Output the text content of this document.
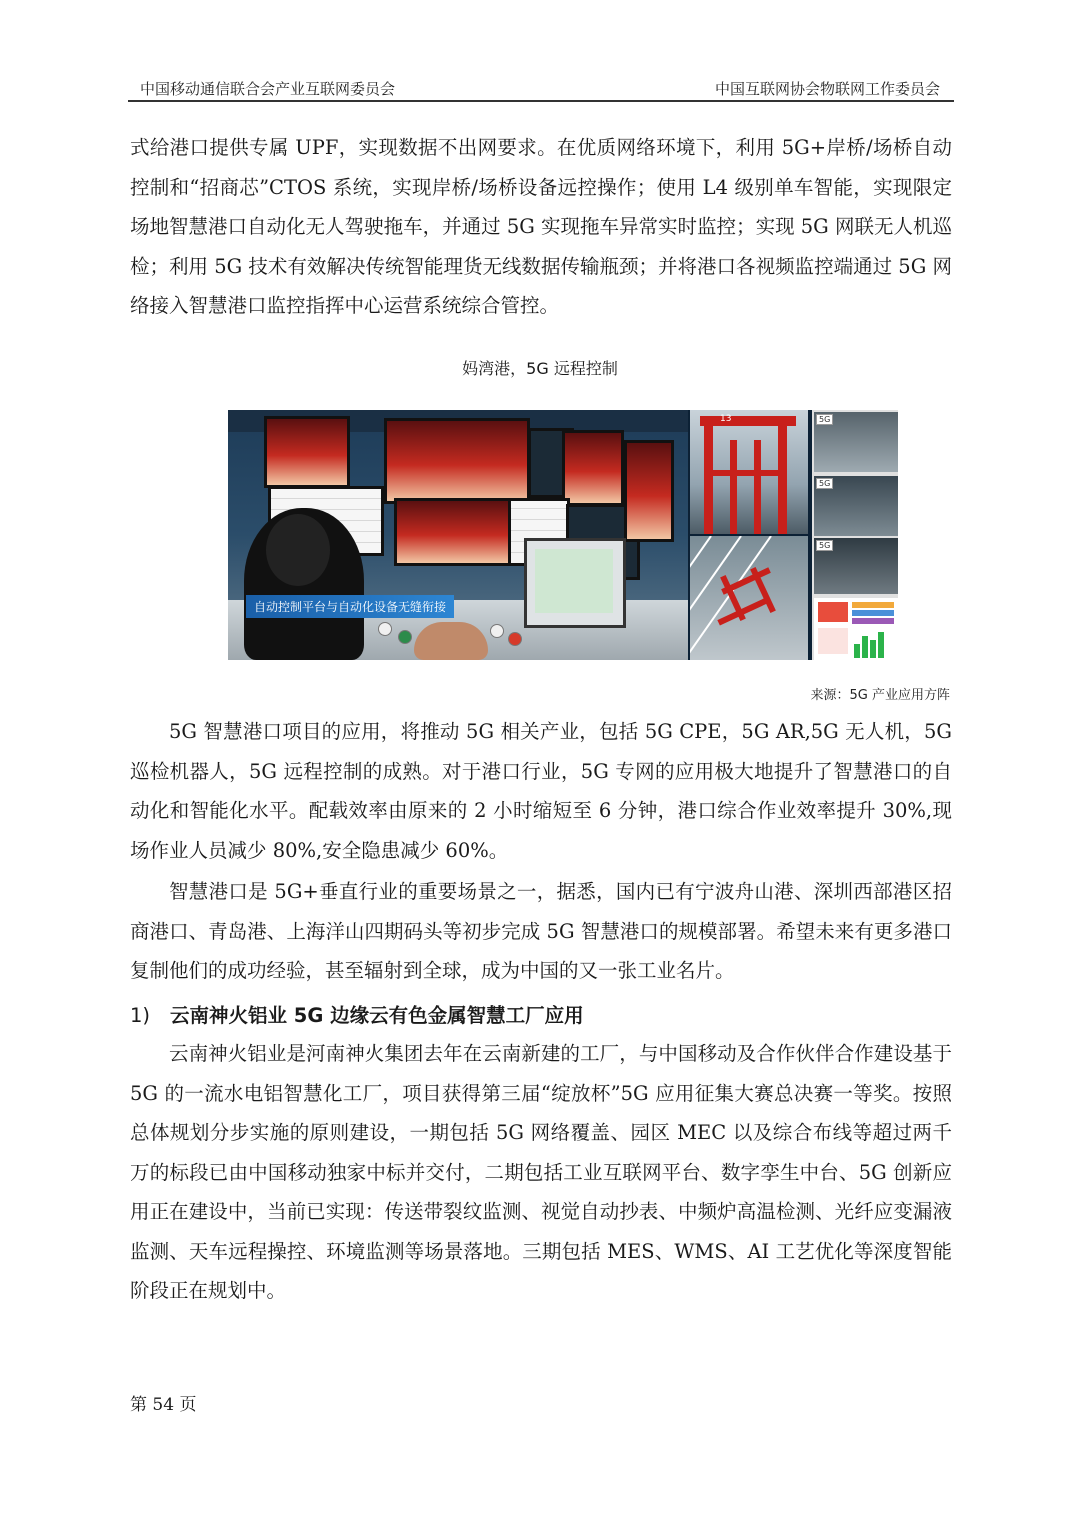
中国移动通信联合会产业互联网委员会	中国互联网协会物联网工作委员会

式给港口提供专属 UPF，实现数据不出网要求。在优质网络环境下，利用 5G+岸桥/场桥自动控制和“招商芯”CTOS 系统，实现岸桥/场桥设备远控操作；使用 L4 级别单车智能，实现限定场地智慧港口自动化无人驾驶拖车，并通过 5G 实现拖车异常实时监控；实现 5G 网联无人机巡检；利用 5G 技术有效解决传统智能理货无线数据传输瓶颈；并将港口各视频监控端通过 5G 网络接入智慧港口监控指挥中心运营系统综合管控。

妈湾港，5G 远程控制
自动控制平台与自动化设备无缝衔接
13	5G
5G
5G
来源：5G 产业应用方阵

5G 智慧港口项目的应用，将推动 5G 相关产业，包括 5G CPE，5G AR,5G 无人机，5G 巡检机器人，5G 远程控制的成熟。对于港口行业，5G 专网的应用极大地提升了智慧港口的自动化和智能化水平。配载效率由原来的 2 小时缩短至 6 分钟，港口综合作业效率提升 30%,现场作业人员减少 80%,安全隐患减少 60%。

智慧港口是 5G+垂直行业的重要场景之一，据悉，国内已有宁波舟山港、深圳西部港区招商港口、青岛港、上海洋山四期码头等初步完成 5G 智慧港口的规模部署。希望未来有更多港口复制他们的成功经验，甚至辐射到全球，成为中国的又一张工业名片。

1) 云南神火铝业 5G 边缘云有色金属智慧工厂应用

云南神火铝业是河南神火集团去年在云南新建的工厂，与中国移动及合作伙伴合作建设基于 5G 的一流水电铝智慧化工厂，项目获得第三届“绽放杯”5G 应用征集大赛总决赛一等奖。按照总体规划分步实施的原则建设，一期包括 5G 网络覆盖、园区 MEC 以及综合布线等超过两千万的标段已由中国移动独家中标并交付，二期包括工业互联网平台、数字孪生中台、5G 创新应用正在建设中，当前已实现：传送带裂纹监测、视觉自动抄表、中频炉高温检测、光纤应变漏液监测、天车远程操控、环境监测等场景落地。三期包括 MES、WMS、AI 工艺优化等深度智能阶段正在规划中。

第 54 页
